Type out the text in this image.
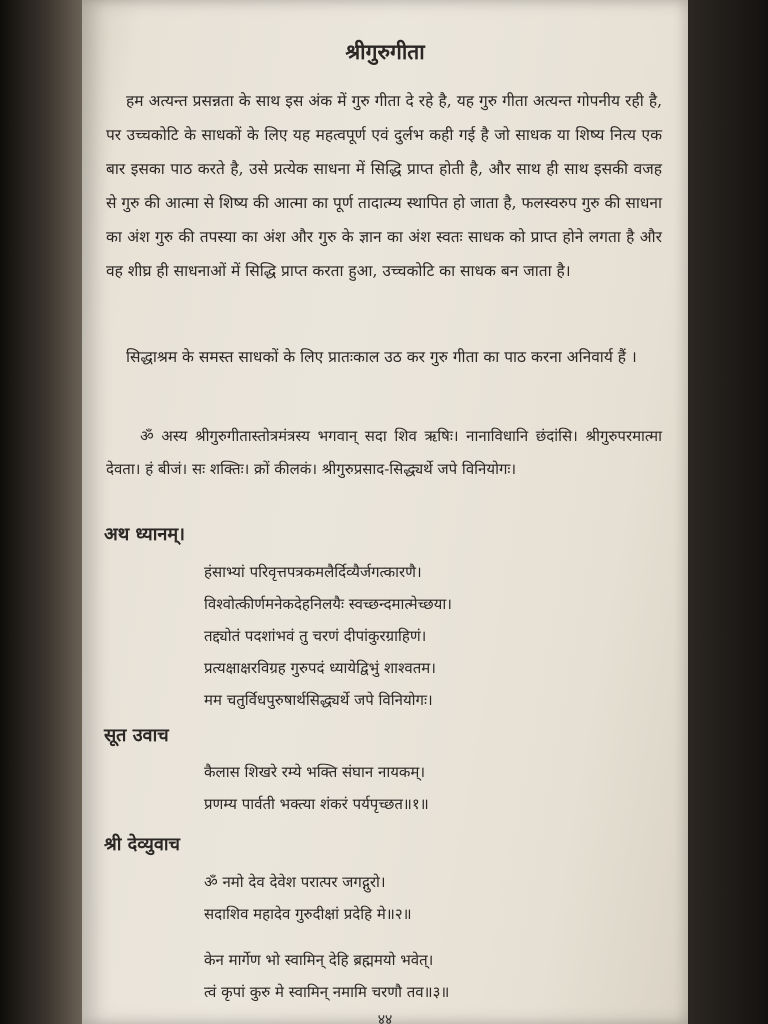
श्रीगुरुगीता
हम अत्यन्त प्रसन्नता के साथ इस अंक में गुरु गीता दे रहे है, यह गुरु गीता अत्यन्त गोपनीय रही है, पर उच्चकोटि के साधकों के लिए यह महत्वपूर्ण एवं दुर्लभ कही गई है जो साधक या शिष्य नित्य एक बार इसका पाठ करते है, उसे प्रत्येक साधना में सिद्धि प्राप्त होती है, और साथ ही साथ इसकी वजह से गुरु की आत्मा से शिष्य की आत्मा का पूर्ण तादात्म्य स्थापित हो जाता है, फलस्वरुप गुरु की साधना का अंश गुरु की तपस्या का अंश और गुरु के ज्ञान का अंश स्वतः साधक को प्राप्त होने लगता है और वह शीघ्र ही साधनाओं में सिद्धि प्राप्त करता हुआ, उच्चकोटि का साधक बन जाता है।
सिद्धाश्रम के समस्त साधकों के लिए प्रातःकाल उठ कर गुरु गीता का पाठ करना अनिवार्य हैं ।
ॐ अस्य श्रीगुरुगीतास्तोत्रमंत्रस्य भगवान् सदा शिव ऋषिः। नानाविधानि छंदांसि। श्रीगुरुपरमात्मा देवता। हं बीजं। सः शक्तिः। क्रों कीलकं। श्रीगुरुप्रसाद-सिद्ध्यर्थे जपे विनियोगः।
अथ ध्यानम्।
हंसाभ्यां परिवृत्तपत्रकमलैर्दिव्यैर्जगत्कारणै।
विश्वोत्कीर्णमनेकदेहनिलयैः स्वच्छन्दमात्मेच्छया।
तद्द्योतं पदशांभवं तु चरणं दीपांकुरग्राहिणं।
प्रत्यक्षाक्षरविग्रह गुरुपदं ध्यायेद्विभुं शाश्वतम।
मम चतुर्विधपुरुषार्थसिद्ध्यर्थे जपे विनियोगः।
सूत उवाच
कैलास शिखरे रम्ये भक्ति संघान नायकम्।
प्रणम्य पार्वती भक्त्या शंकरं पर्यपृच्छत॥१॥
श्री देव्युवाच
ॐ नमो देव देवेश परात्पर जगद्गुरो।
सदाशिव महादेव गुरुदीक्षां प्रदेहि मे॥२॥
केन मार्गेण भो स्वामिन् देहि ब्रह्ममयो भवेत्।
त्वं कृपां कुरु मे स्वामिन् नमामि चरणौ तव॥३॥
४४
